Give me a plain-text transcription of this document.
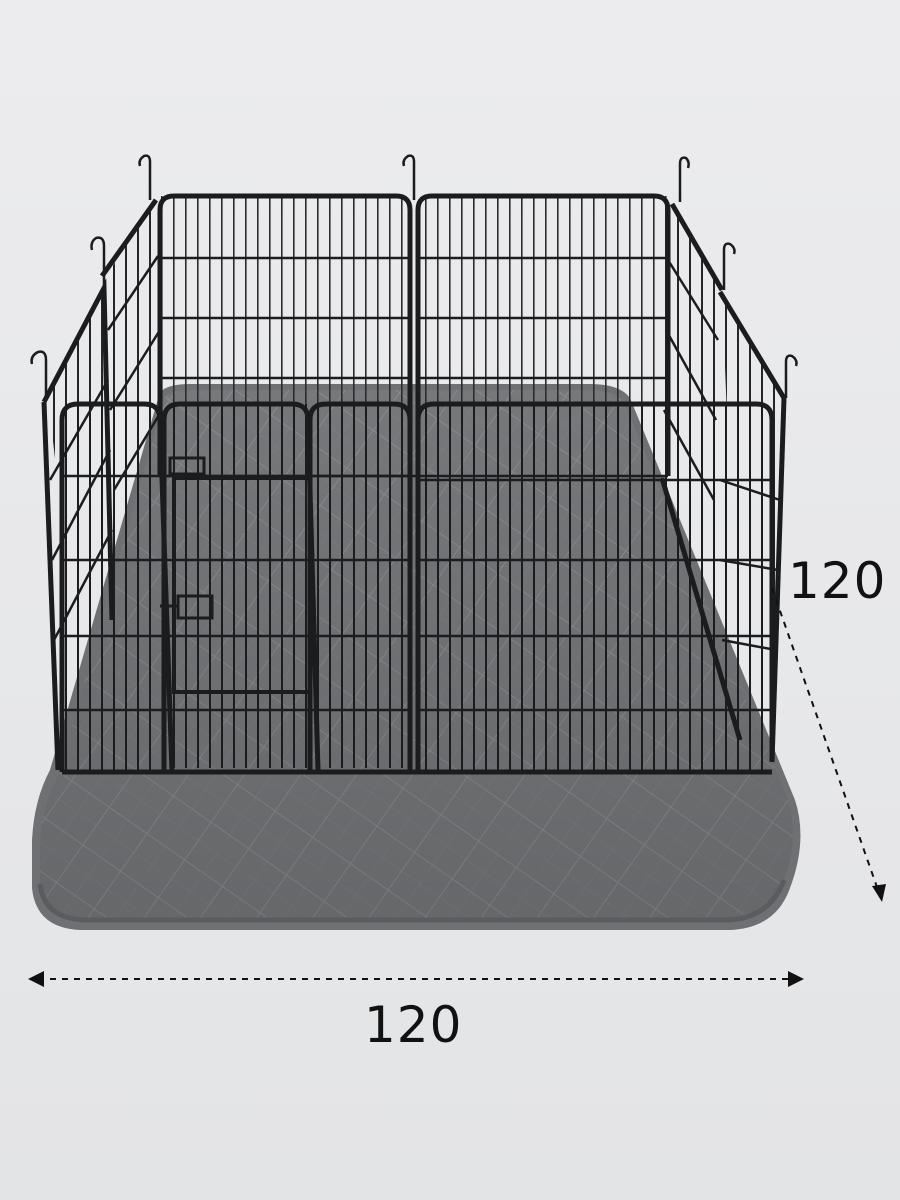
120
120
